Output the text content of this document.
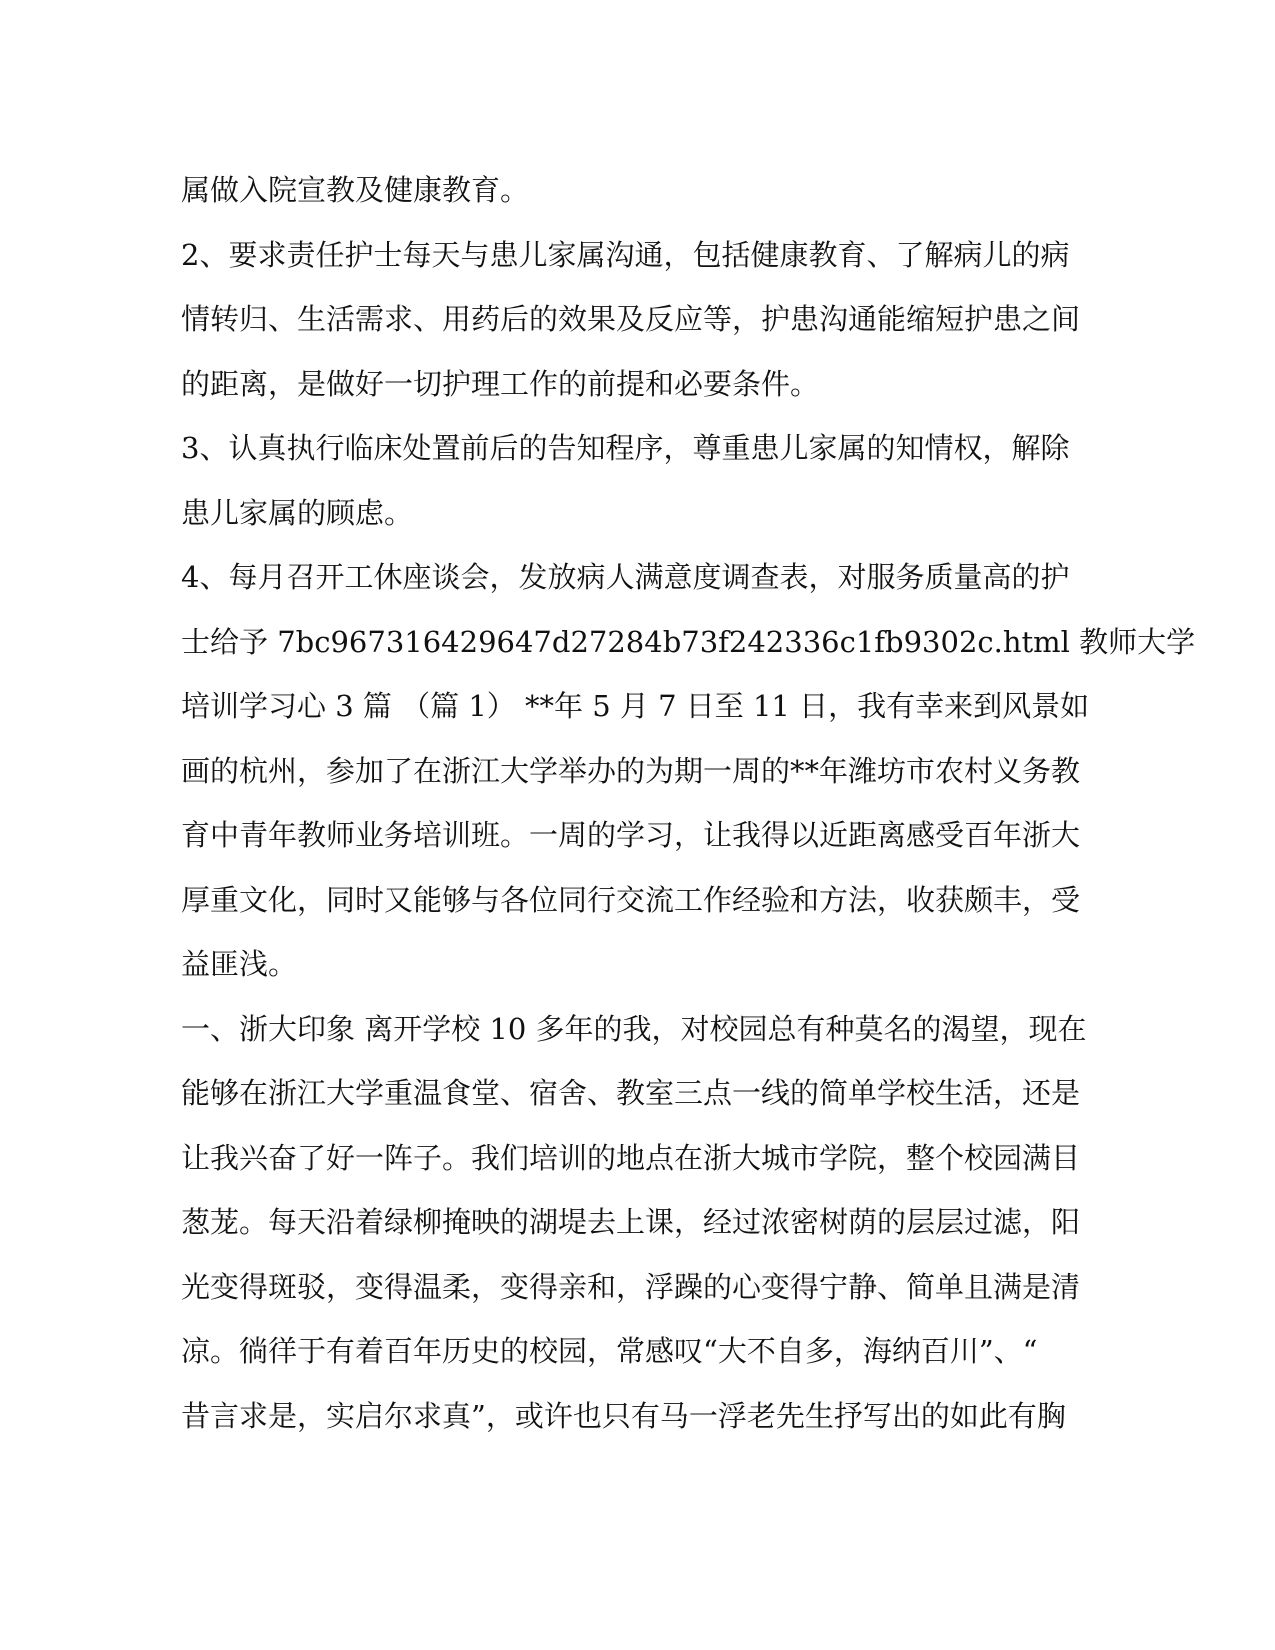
属做入院宣教及健康教育。
2、要求责任护士每天与患儿家属沟通，包括健康教育、了解病儿的病
情转归、生活需求、用药后的效果及反应等，护患沟通能缩短护患之间
的距离，是做好一切护理工作的前提和必要条件。
3、认真执行临床处置前后的告知程序，尊重患儿家属的知情权，解除
患儿家属的顾虑。
4、每月召开工休座谈会，发放病人满意度调查表，对服务质量高的护
士给予 7bc967316429647d27284b73f242336c1fb9302c.html 教师大学
培训学习心 3 篇 （篇 1） **年 5 月 7 日至 11 日，我有幸来到风景如
画的杭州，参加了在浙江大学举办的为期一周的**年潍坊市农村义务教
育中青年教师业务培训班。一周的学习，让我得以近距离感受百年浙大
厚重文化，同时又能够与各位同行交流工作经验和方法，收获颇丰，受
益匪浅。
一、浙大印象 离开学校 10 多年的我，对校园总有种莫名的渴望，现在
能够在浙江大学重温食堂、宿舍、教室三点一线的简单学校生活，还是
让我兴奋了好一阵子。我们培训的地点在浙大城市学院，整个校园满目
葱茏。每天沿着绿柳掩映的湖堤去上课，经过浓密树荫的层层过滤，阳
光变得斑驳，变得温柔，变得亲和，浮躁的心变得宁静、简单且满是清
凉。徜徉于有着百年历史的校园，常感叹“大不自多，海纳百川”、“
昔言求是，实启尔求真”，或许也只有马一浮老先生抒写出的如此有胸
